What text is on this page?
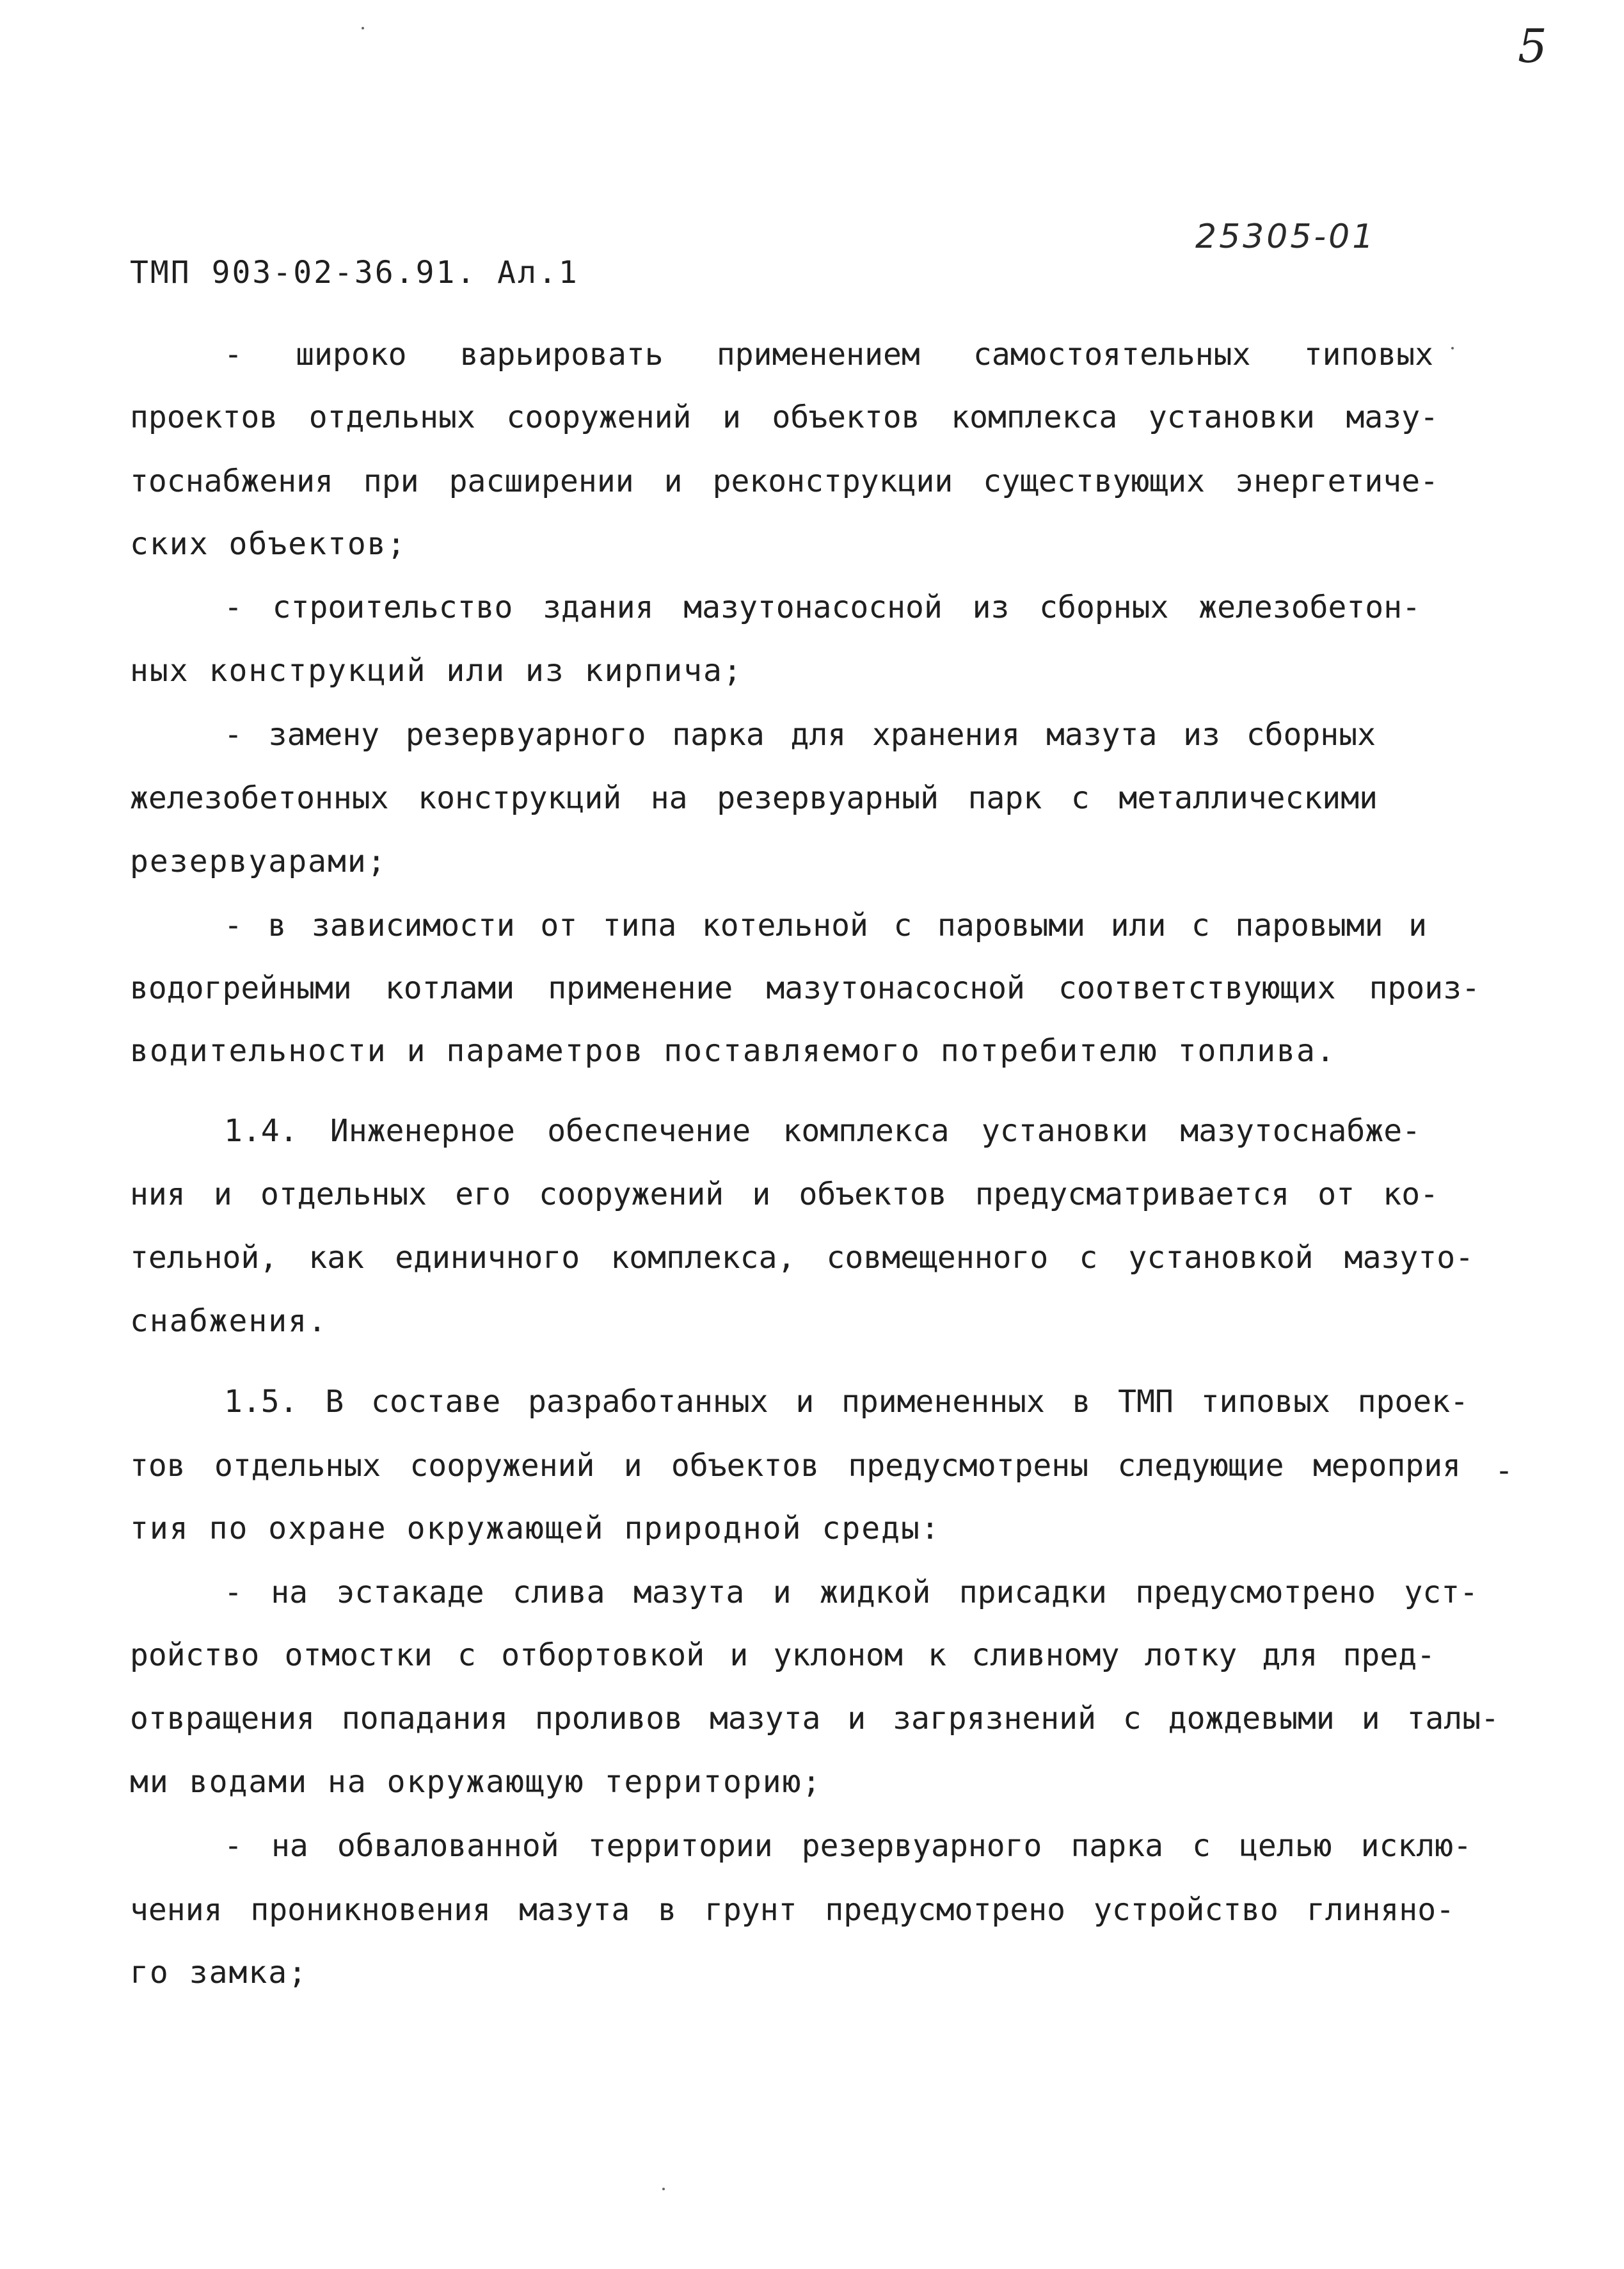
5
25305-01
ТМП 903-02-36.91. Ал.1
- широко варьировать применением самостоятельных типовых
проектов отдельных сооружений и объектов комплекса установки мазу-
тоснабжения при расширении и реконструкции существующих энергетиче-
ских объектов;
- строительство здания мазутонасосной из сборных железобетон-
ных конструкций или из кирпича;
- замену резервуарного парка для хранения мазута из сборных
железобетонных конструкций на резервуарный парк с металлическими
резервуарами;
- в зависимости от типа котельной с паровыми или с паровыми и
водогрейными котлами применение мазутонасосной соответствующих произ-
водительности и параметров поставляемого потребителю топлива.
1.4. Инженерное обеспечение комплекса установки мазутоснабже-
ния и отдельных его сооружений и объектов предусматривается от ко-
тельной, как единичного комплекса, совмещенного с установкой мазуто-
снабжения.
1.5. В составе разработанных и примененных в ТМП типовых проек-
тов отдельных сооружений и объектов предусмотрены следующие мероприя
тия по охране окружающей природной среды:
- на эстакаде слива мазута и жидкой присадки предусмотрено уст-
ройство отмостки с отбортовкой и уклоном к сливному лотку для пред-
отвращения попадания проливов мазута и загрязнений с дождевыми и талы-
ми водами на окружающую территорию;
- на обвалованной территории резервуарного парка с целью исклю-
чения проникновения мазута в грунт предусмотрено устройство глиняно-
го замка;
-
